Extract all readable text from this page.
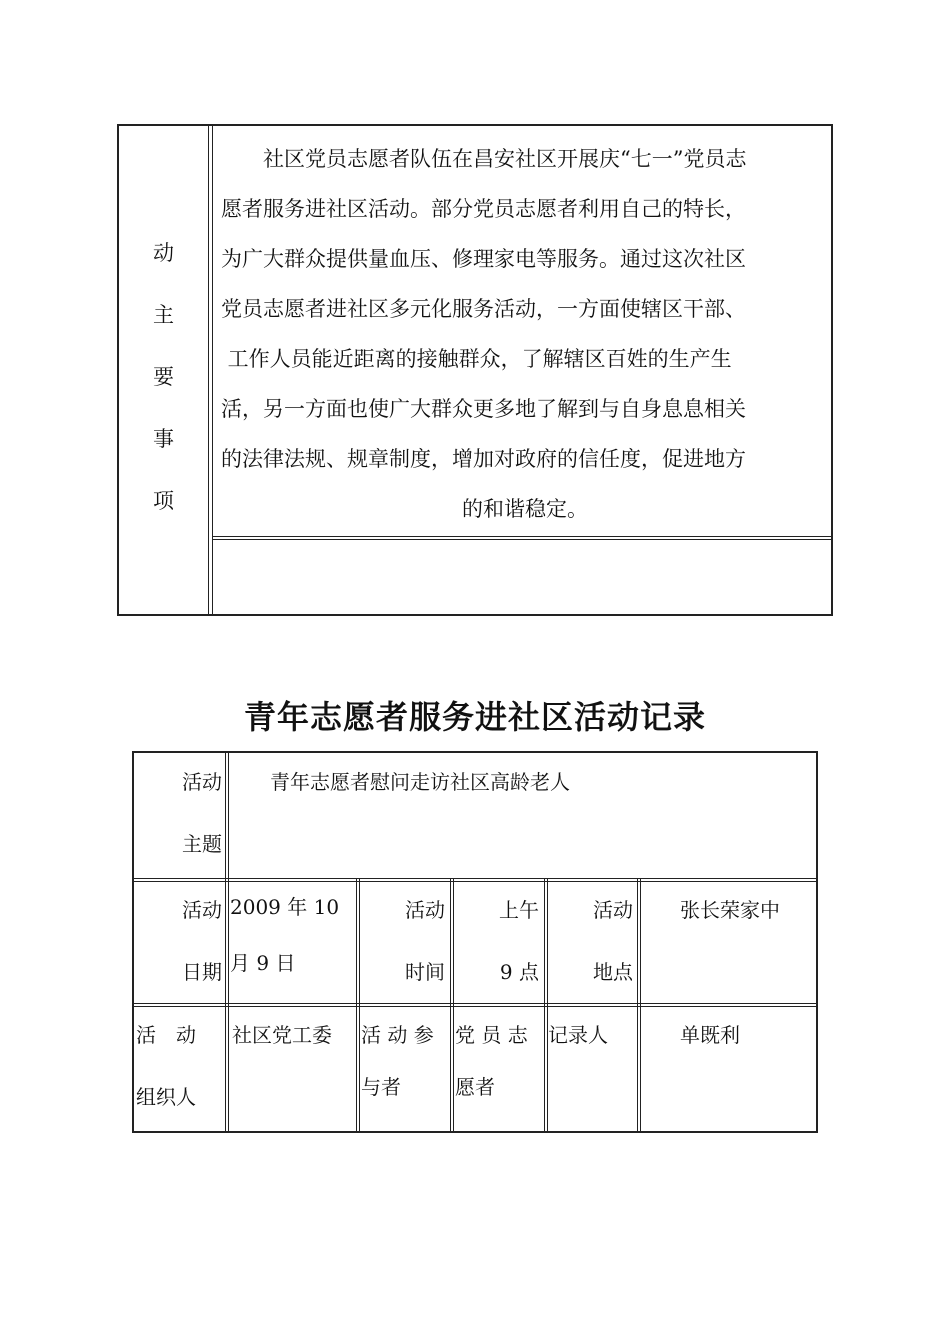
动
主
要
事
项
　　社区党员志愿者队伍在昌安社区开展庆“七一”党员志
愿者服务进社区活动。部分党员志愿者利用自己的特长，
为广大群众提供量血压、修理家电等服务。通过这次社区
党员志愿者进社区多元化服务活动，一方面使辖区干部、
工作人员能近距离的接触群众，了解辖区百姓的生产生
活，另一方面也使广大群众更多地了解到与自身息息相关
的法律法规、规章制度，增加对政府的信任度，促进地方
的和谐稳定。
青年志愿者服务进社区活动记录
活动
主题
青年志愿者慰问走访社区高龄老人
活动
日期
2009 年 10
月 9 日
活动
时间
上午
9 点
活动
地点
张长荣家中
活　动
组织人
社区党工委 活 动 参
与者
党 员 志
愿者
记录人	单既利
